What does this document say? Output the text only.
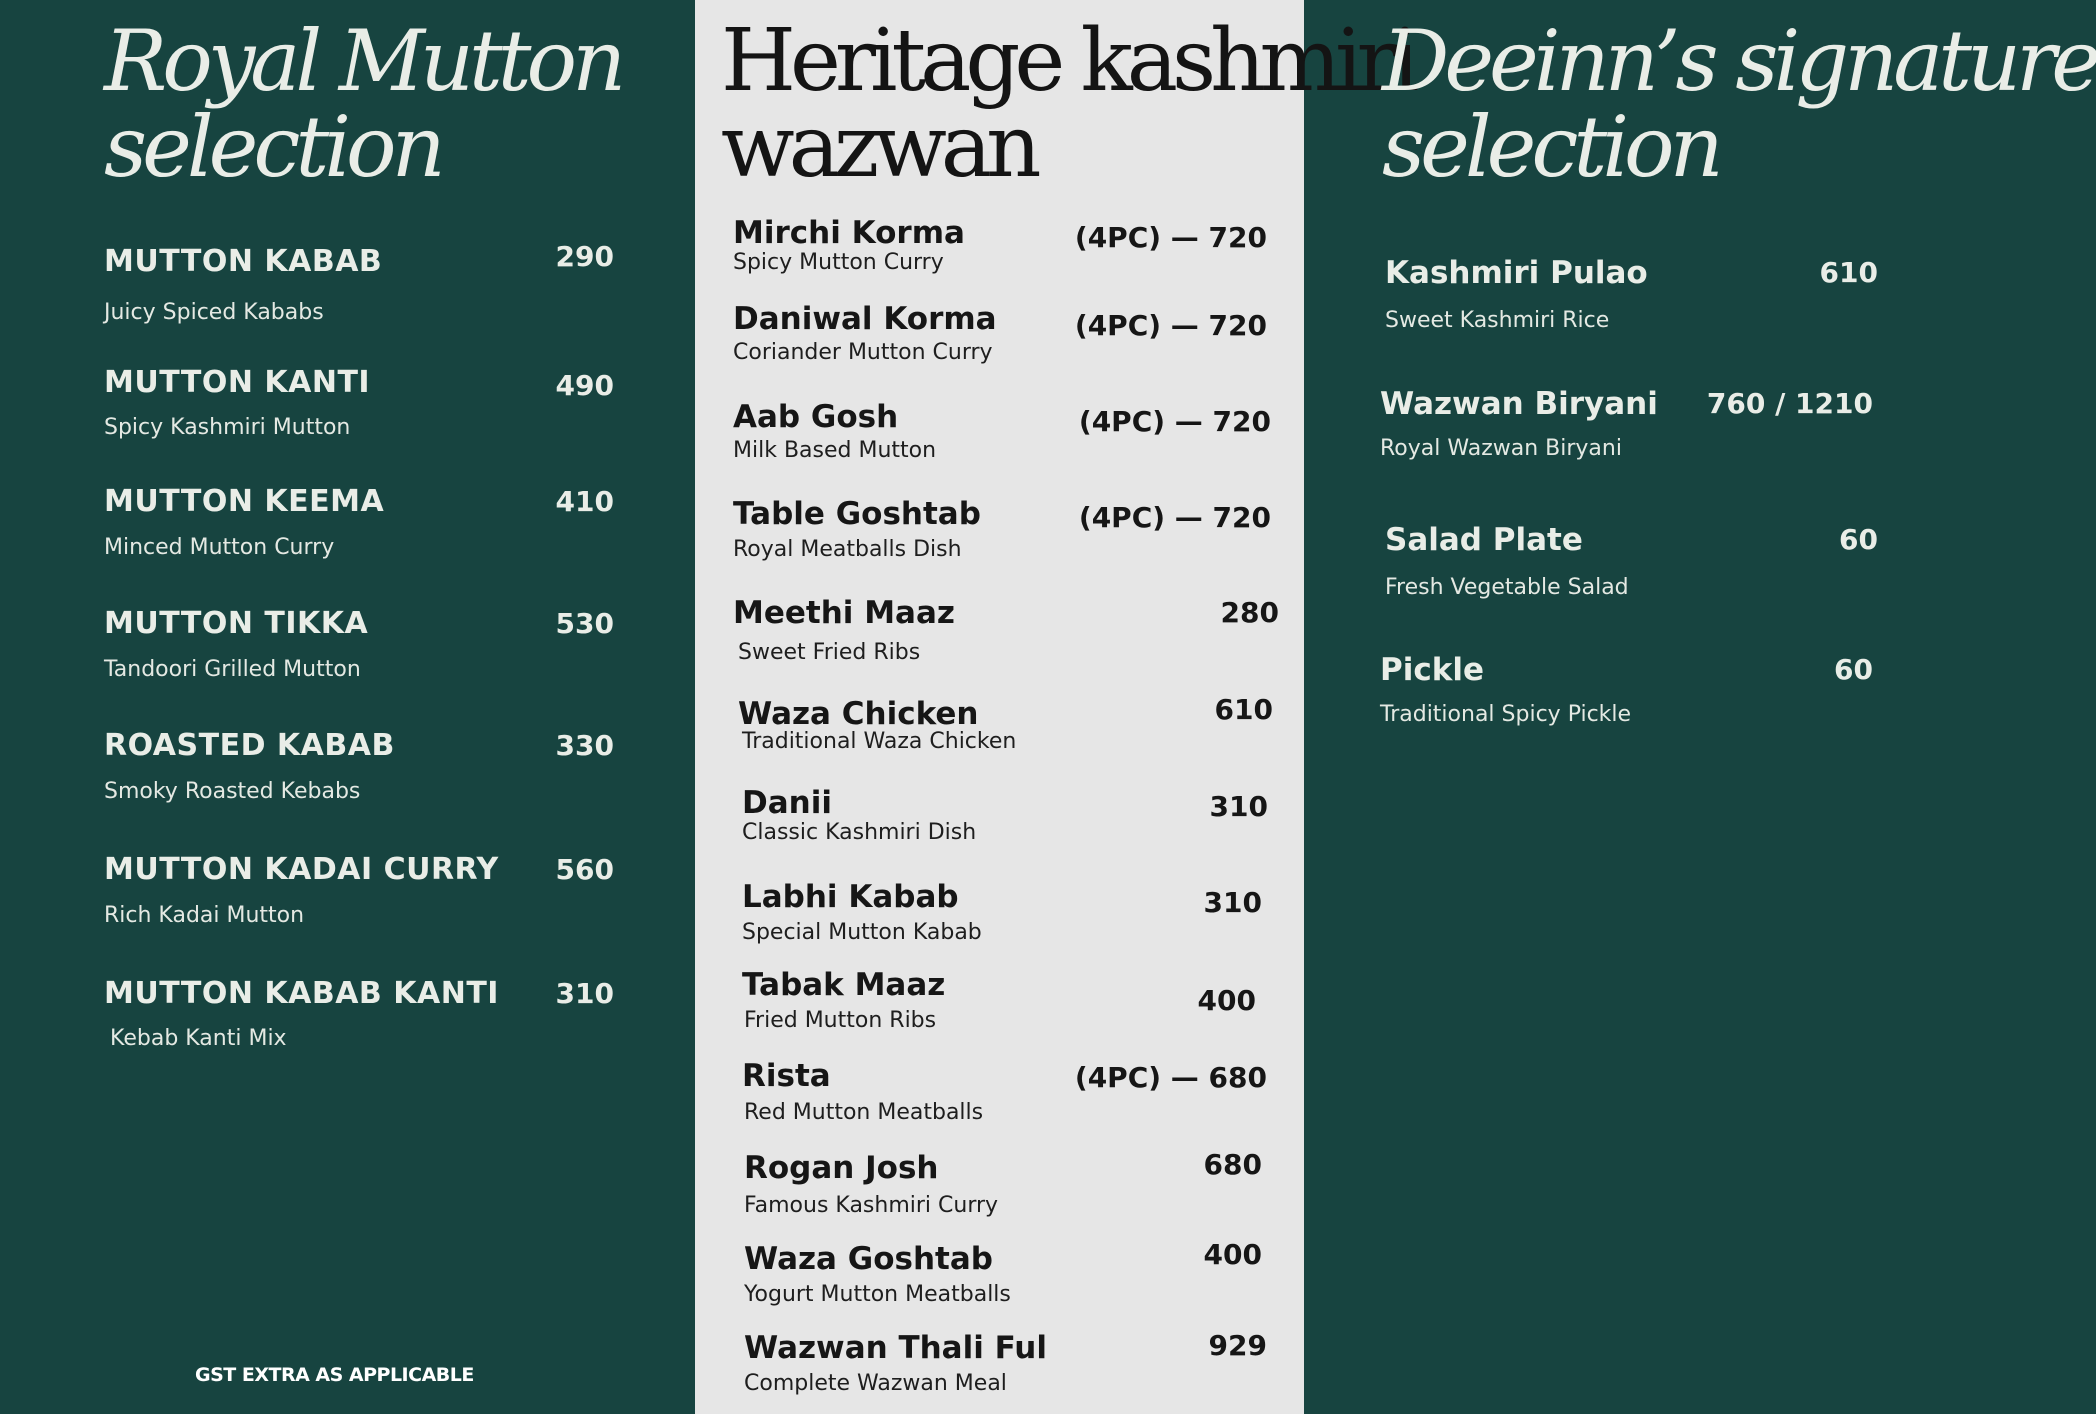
Royal Mutton
selection

MUTTON KABAB	290

Juicy Spiced Kababs

MUTTON KANTI	490

Spicy Kashmiri Mutton

MUTTON KEEMA	410

Minced Mutton Curry

MUTTON TIKKA	530

Tandoori Grilled Mutton

ROASTED KABAB	330

Smoky Roasted Kebabs

MUTTON KADAI CURRY	560

Rich Kadai Mutton

MUTTON KABAB KANTI	310

Kebab Kanti Mix

GST EXTRA AS APPLICABLE

Heritage kashmiri
wazwan

Mirchi Korma	(4PC) — 720

Spicy Mutton Curry

Daniwal Korma	(4PC) — 720

Coriander Mutton Curry

Aab Gosh	(4PC) — 720

Milk Based Mutton

Table Goshtab	(4PC) — 720

Royal Meatballs Dish

Meethi Maaz	280

Sweet Fried Ribs

Waza Chicken	610

Traditional Waza Chicken

Danii	310

Classic Kashmiri Dish

Labhi Kabab	310

Special Mutton Kabab

Tabak Maaz	400

Fried Mutton Ribs

Rista	(4PC) — 680

Red Mutton Meatballs

Rogan Josh	680

Famous Kashmiri Curry

Waza Goshtab	400

Yogurt Mutton Meatballs

Wazwan Thali Ful	929

Complete Wazwan Meal

Deeinn’s signature
selection

Kashmiri Pulao	610

Sweet Kashmiri Rice

Wazwan Biryani	760 / 1210

Royal Wazwan Biryani

Salad Plate	60

Fresh Vegetable Salad

Pickle	60

Traditional Spicy Pickle
